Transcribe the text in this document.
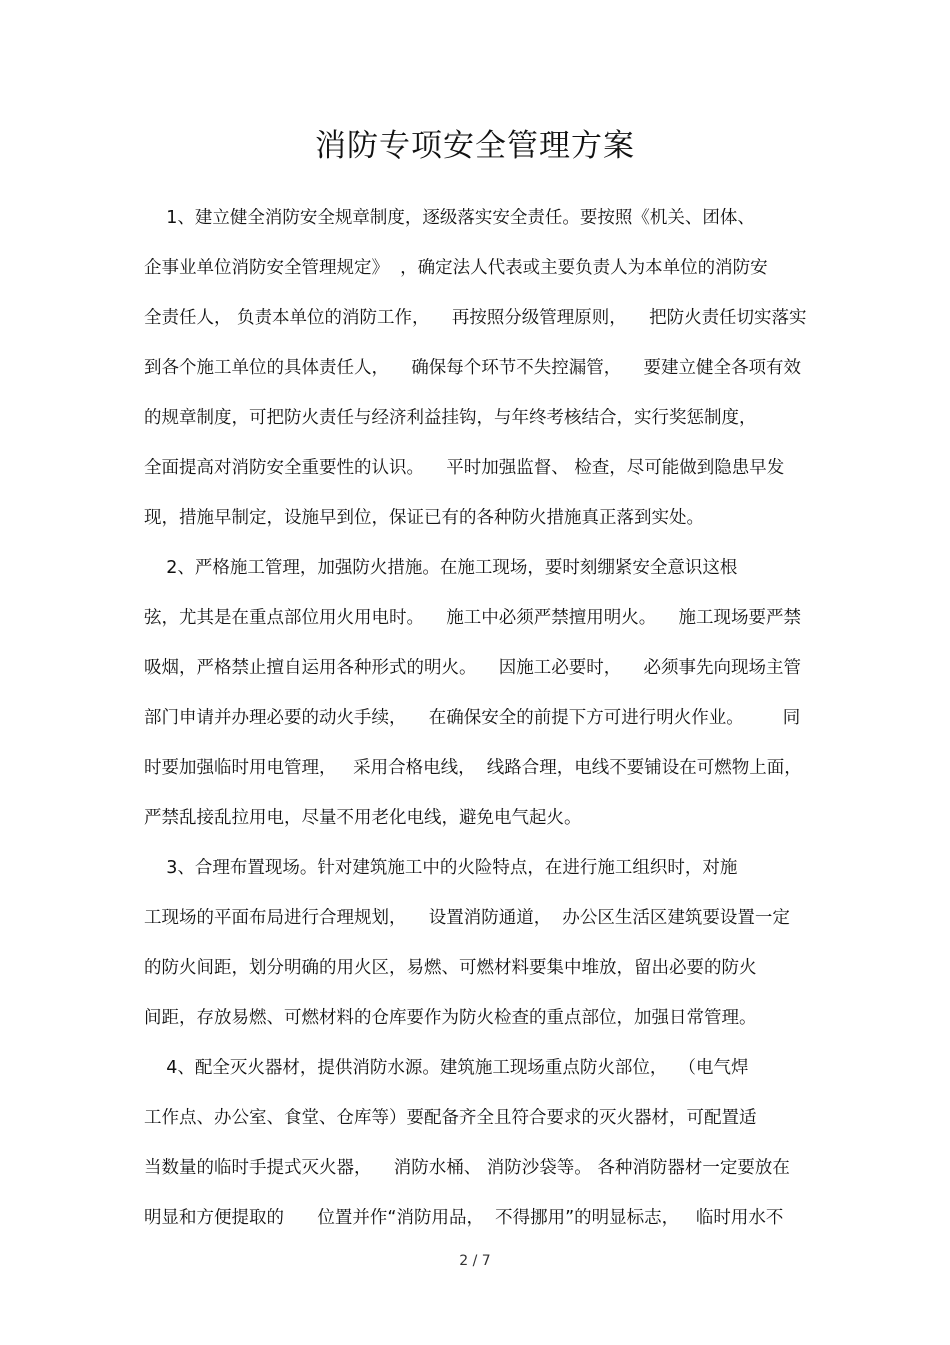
消防专项安全管理方案
1、建立健全消防安全规章制度，逐级落实安全责任。要按照《机关、团体、
企事业单位消防安全管理规定》  ，确定法人代表或主要负责人为本单位的消防安
全责任人， 负责本单位的消防工作，    再按照分级管理原则，    把防火责任切实落实
到各个施工单位的具体责任人，    确保每个环节不失控漏管，    要建立健全各项有效
的规章制度，可把防火责任与经济利益挂钩，与年终考核结合，实行奖惩制度，
全面提高对消防安全重要性的认识。    平时加强监督、 检查，尽可能做到隐患早发
现，措施早制定，设施早到位，保证已有的各种防火措施真正落到实处。
2、严格施工管理，加强防火措施。在施工现场，要时刻绷紧安全意识这根
弦，尤其是在重点部位用火用电时。    施工中必须严禁擅用明火。    施工现场要严禁
吸烟，严格禁止擅自运用各种形式的明火。    因施工必要时，    必须事先向现场主管
部门申请并办理必要的动火手续，    在确保安全的前提下方可进行明火作业。       同
时要加强临时用电管理，   采用合格电线，  线路合理，电线不要铺设在可燃物上面，
严禁乱接乱拉用电，尽量不用老化电线，避免电气起火。
3、合理布置现场。针对建筑施工中的火险特点，在进行施工组织时，对施
工现场的平面布局进行合理规划，    设置消防通道，  办公区生活区建筑要设置一定
的防火间距，划分明确的用火区，易燃、可燃材料要集中堆放，留出必要的防火
间距，存放易燃、可燃材料的仓库要作为防火检查的重点部位，加强日常管理。
4、配全灭火器材，提供消防水源。建筑施工现场重点防火部位，  （电气焊
工作点、办公室、食堂、仓库等）要配备齐全且符合要求的灭火器材，可配置适
当数量的临时手提式灭火器，    消防水桶、 消防沙袋等。 各种消防器材一定要放在
明显和方便提取的      位置并作“消防用品，  不得挪用”的明显标志，   临时用水不
2 / 7
